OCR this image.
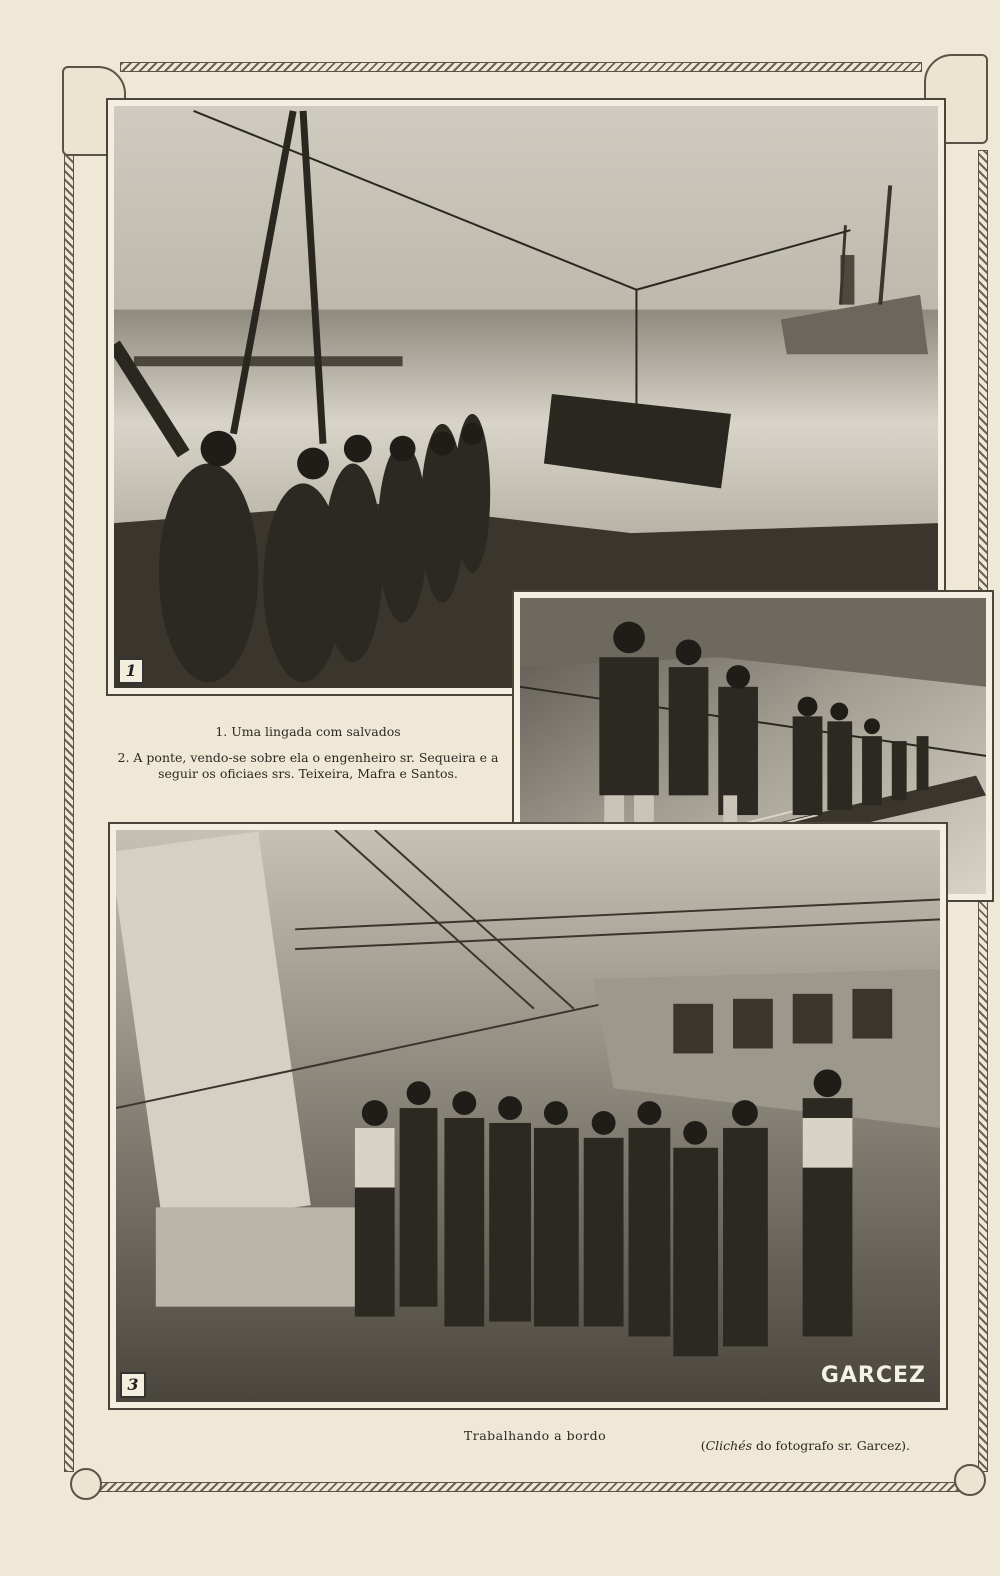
1

1. Uma lingada com salvados

2. A ponte, vendo-se sobre ela o engenheiro sr. Sequeira e a seguir os oficiaes srs. Teixeira, Mafra e Santos.

3	GARCEZ
Trabalhando a bordo
(Clichés do fotografo sr. Garcez).
